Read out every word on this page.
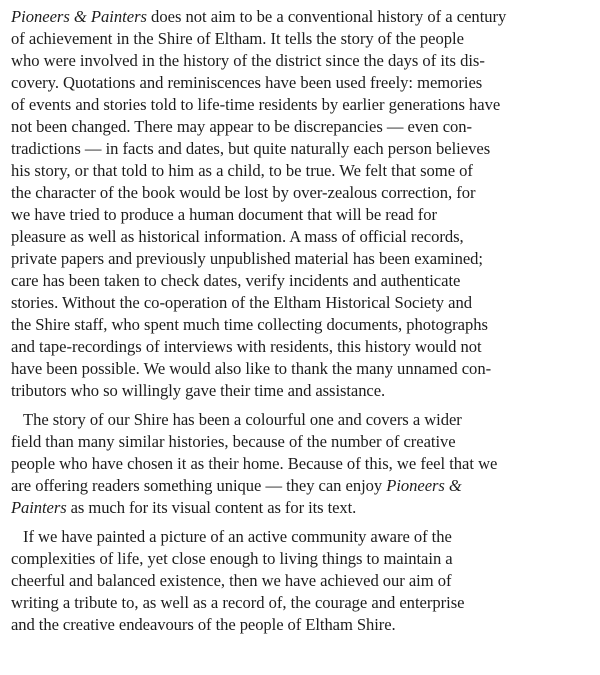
Pioneers & Painters does not aim to be a conventional history of a century
of achievement in the Shire of Eltham. It tells the story of the people
who were involved in the history of the district since the days of its dis-
covery. Quotations and reminiscences have been used freely: memories
of events and stories told to life-time residents by earlier generations have
not been changed. There may appear to be discrepancies — even con-
tradictions — in facts and dates, but quite naturally each person believes
his story, or that told to him as a child, to be true. We felt that some of
the character of the book would be lost by over-zealous correction, for
we have tried to produce a human document that will be read for
pleasure as well as historical information. A mass of official records,
private papers and previously unpublished material has been examined;
care has been taken to check dates, verify incidents and authenticate
stories. Without the co-operation of the Eltham Historical Society and
the Shire staff, who spent much time collecting documents, photographs
and tape-recordings of interviews with residents, this history would not
have been possible. We would also like to thank the many unnamed con-
tributors who so willingly gave their time and assistance.
The story of our Shire has been a colourful one and covers a wider
field than many similar histories, because of the number of creative
people who have chosen it as their home. Because of this, we feel that we
are offering readers something unique — they can enjoy Pioneers &
Painters as much for its visual content as for its text.
If we have painted a picture of an active community aware of the
complexities of life, yet close enough to living things to maintain a
cheerful and balanced existence, then we have achieved our aim of
writing a tribute to, as well as a record of, the courage and enterprise
and the creative endeavours of the people of Eltham Shire.
